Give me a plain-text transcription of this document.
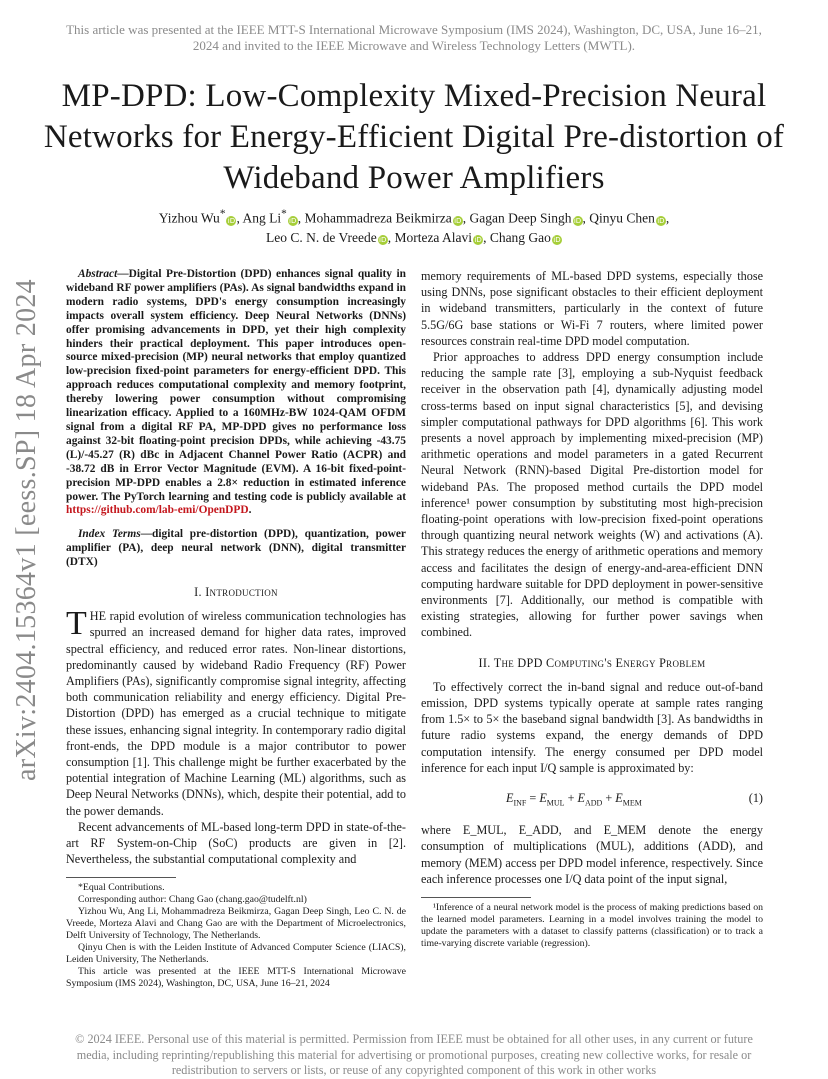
This article was presented at the IEEE MTT-S International Microwave Symposium (IMS 2024), Washington, DC, USA, June 16–21, 2024 and invited to the IEEE Microwave and Wireless Technology Letters (MWTL).
MP-DPD: Low-Complexity Mixed-Precision Neural Networks for Energy-Efficient Digital Pre-distortion of Wideband Power Amplifiers
Yizhou Wu*iD, Ang Li*iD, Mohammadreza Beikmirza iD, Gagan Deep Singh iD, Qinyu Chen iD,
Leo C. N. de Vreede iD, Morteza Alavi iD, Chang Gao iD
arXiv:2404.15364v1 [eess.SP] 18 Apr 2024

Abstract—Digital Pre-Distortion (DPD) enhances signal quality in wideband RF power amplifiers (PAs). As signal bandwidths expand in modern radio systems, DPD's energy consumption increasingly impacts overall system efficiency. Deep Neural Networks (DNNs) offer promising advancements in DPD, yet their high complexity hinders their practical deployment. This paper introduces open-source mixed-precision (MP) neural networks that employ quantized low-precision fixed-point parameters for energy-efficient DPD. This approach reduces computational complexity and memory footprint, thereby lowering power consumption without compromising linearization efficacy. Applied to a 160MHz-BW 1024-QAM OFDM signal from a digital RF PA, MP-DPD gives no performance loss against 32-bit floating-point precision DPDs, while achieving -43.75 (L)/-45.27 (R) dBc in Adjacent Channel Power Ratio (ACPR) and -38.72 dB in Error Vector Magnitude (EVM). A 16-bit fixed-point-precision MP-DPD enables a 2.8× reduction in estimated inference power. The PyTorch learning and testing code is publicly available at https://github.com/lab-emi/OpenDPD.

Index Terms—digital pre-distortion (DPD), quantization, power amplifier (PA), deep neural network (DNN), digital transmitter (DTX)

I. Introduction

THE rapid evolution of wireless communication technologies has spurred an increased demand for higher data rates, improved spectral efficiency, and reduced error rates. Non-linear distortions, predominantly caused by wideband Radio Frequency (RF) Power Amplifiers (PAs), significantly compromise signal integrity, affecting both communication reliability and energy efficiency. Digital Pre-Distortion (DPD) has emerged as a crucial technique to mitigate these issues, enhancing signal integrity. In contemporary radio digital front-ends, the DPD module is a major contributor to power consumption [1]. This challenge might be further exacerbated by the potential integration of Machine Learning (ML) algorithms, such as Deep Neural Networks (DNNs), which, despite their potential, add to the power demands.

Recent advancements of ML-based long-term DPD in state-of-the-art RF System-on-Chip (SoC) products are given in [2]. Nevertheless, the substantial computational complexity and

*Equal Contributions.

Corresponding author: Chang Gao (chang.gao@tudelft.nl)

Yizhou Wu, Ang Li, Mohammadreza Beikmirza, Gagan Deep Singh, Leo C. N. de Vreede, Morteza Alavi and Chang Gao are with the Department of Microelectronics, Delft University of Technology, The Netherlands.

Qinyu Chen is with the Leiden Institute of Advanced Computer Science (LIACS), Leiden University, The Netherlands.

This article was presented at the IEEE MTT-S International Microwave Symposium (IMS 2024), Washington, DC, USA, June 16–21, 2024

memory requirements of ML-based DPD systems, especially those using DNNs, pose significant obstacles to their efficient deployment in wideband transmitters, particularly in the context of future 5.5G/6G base stations or Wi-Fi 7 routers, where limited power resources constrain real-time DPD model computation.

Prior approaches to address DPD energy consumption include reducing the sample rate [3], employing a sub-Nyquist feedback receiver in the observation path [4], dynamically adjusting model cross-terms based on input signal characteristics [5], and devising simpler computational pathways for DPD algorithms [6]. This work presents a novel approach by implementing mixed-precision (MP) arithmetic operations and model parameters in a gated Recurrent Neural Network (RNN)-based Digital Pre-distortion model for wideband PAs. The proposed method curtails the DPD model inference¹ power consumption by substituting most high-precision floating-point operations with low-precision fixed-point operations through quantizing neural network weights (W) and activations (A). This strategy reduces the energy of arithmetic operations and memory access and facilitates the design of energy-and-area-efficient DNN computing hardware suitable for DPD deployment in power-sensitive environments [7]. Additionally, our method is compatible with existing strategies, allowing for further power savings when combined.

II. The DPD Computing's Energy Problem

To effectively correct the in-band signal and reduce out-of-band emission, DPD systems typically operate at sample rates ranging from 1.5× to 5× the baseband signal bandwidth [3]. As bandwidths in future radio systems expand, the energy demands of DPD computation intensify. The energy consumed per DPD model inference for each input I/Q sample is approximated by:

$E_{INF} = E_{MUL} + E_{ADD} + E_{MEM}$	(1)

where E_MUL, E_ADD, and E_MEM denote the energy consumption of multiplications (MUL), additions (ADD), and memory (MEM) access per DPD model inference, respectively. Since each inference processes one I/Q data point of the input signal,

¹Inference of a neural network model is the process of making predictions based on the learned model parameters. Learning in a model involves training the model to update the parameters with a dataset to classify patterns (classification) or to track a time-varying discrete variable (regression).

© 2024 IEEE. Personal use of this material is permitted. Permission from IEEE must be obtained for all other uses, in any current or future media, including reprinting/republishing this material for advertising or promotional purposes, creating new collective works, for resale or redistribution to servers or lists, or reuse of any copyrighted component of this work in other works
